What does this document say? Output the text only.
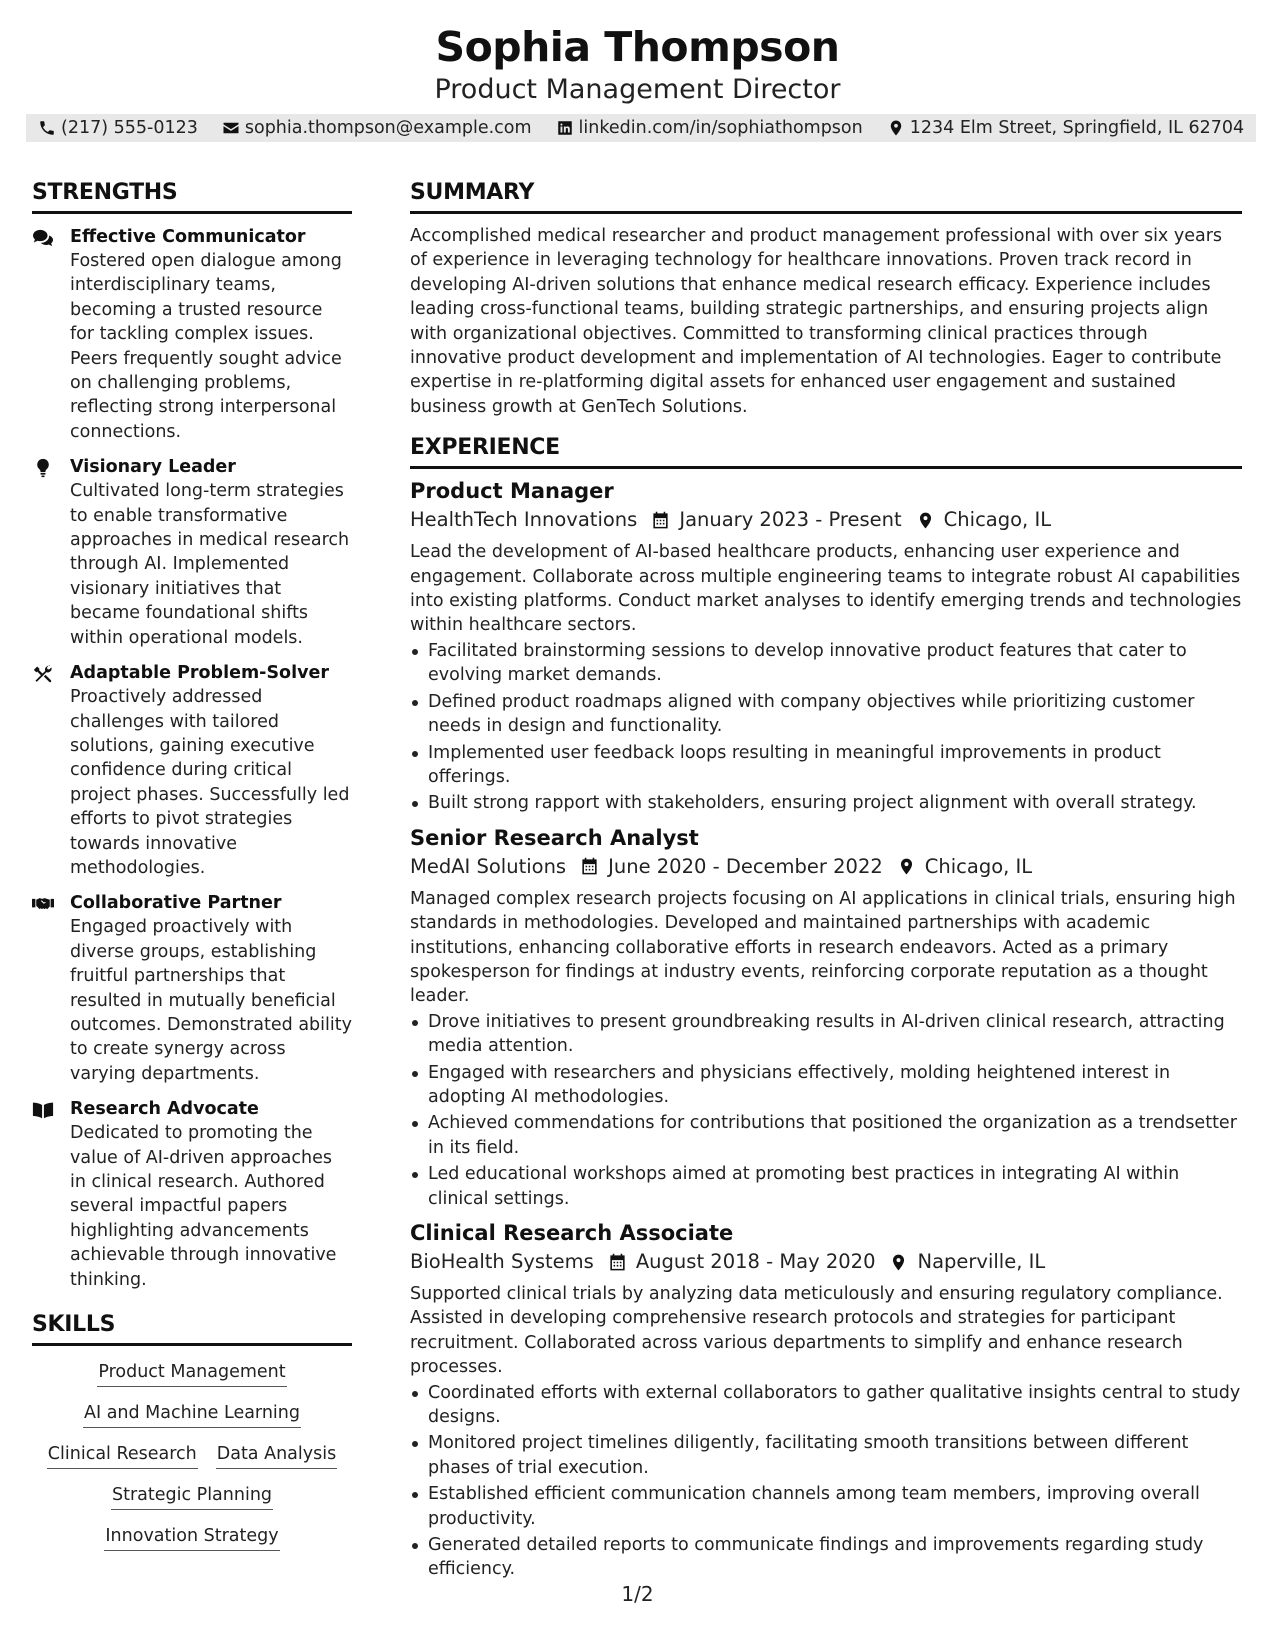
Sophia Thompson
Product Management Director
(217) 555-0123	sophia.thompson@example.com	linkedin.com/in/sophiathompson	1234 Elm Street, Springfield, IL 62704
STRENGTHS
Effective Communicator
Fostered open dialogue among interdisciplinary teams, becoming a trusted resource for tackling complex issues. Peers frequently sought advice on challenging problems, reflecting strong interpersonal connections.
Visionary Leader
Cultivated long-term strategies to enable transformative approaches in medical research through AI. Implemented visionary initiatives that became foundational shifts within operational models.
Adaptable Problem-Solver
Proactively addressed challenges with tailored solutions, gaining executive confidence during critical project phases. Successfully led efforts to pivot strategies towards innovative methodologies.
Collaborative Partner
Engaged proactively with diverse groups, establishing fruitful partnerships that resulted in mutually beneficial outcomes. Demonstrated ability to create synergy across varying departments.
Research Advocate
Dedicated to promoting the value of AI-driven approaches in clinical research. Authored several impactful papers highlighting advancements achievable through innovative thinking.
SKILLS
Product Management
AI and Machine Learning
Clinical Research Data Analysis
Strategic Planning
Innovation Strategy
SUMMARY
Accomplished medical researcher and product management professional with over six years of experience in leveraging technology for healthcare innovations. Proven track record in developing AI-driven solutions that enhance medical research efficacy. Experience includes leading cross-functional teams, building strategic partnerships, and ensuring projects align with organizational objectives. Committed to transforming clinical practices through innovative product development and implementation of AI technologies. Eager to contribute expertise in re-platforming digital assets for enhanced user engagement and sustained business growth at GenTech Solutions.
EXPERIENCE
Product Manager
HealthTech Innovations January 2023 - Present Chicago, IL
Lead the development of AI-based healthcare products, enhancing user experience and engagement. Collaborate across multiple engineering teams to integrate robust AI capabilities into existing platforms. Conduct market analyses to identify emerging trends and technologies within healthcare sectors.
Facilitated brainstorming sessions to develop innovative product features that cater to evolving market demands.
Defined product roadmaps aligned with company objectives while prioritizing customer needs in design and functionality.
Implemented user feedback loops resulting in meaningful improvements in product offerings.
Built strong rapport with stakeholders, ensuring project alignment with overall strategy.
Senior Research Analyst
MedAI Solutions June 2020 - December 2022 Chicago, IL
Managed complex research projects focusing on AI applications in clinical trials, ensuring high standards in methodologies. Developed and maintained partnerships with academic institutions, enhancing collaborative efforts in research endeavors. Acted as a primary spokesperson for findings at industry events, reinforcing corporate reputation as a thought leader.
Drove initiatives to present groundbreaking results in AI-driven clinical research, attracting media attention.
Engaged with researchers and physicians effectively, molding heightened interest in adopting AI methodologies.
Achieved commendations for contributions that positioned the organization as a trendsetter in its field.
Led educational workshops aimed at promoting best practices in integrating AI within clinical settings.
Clinical Research Associate
BioHealth Systems August 2018 - May 2020 Naperville, IL
Supported clinical trials by analyzing data meticulously and ensuring regulatory compliance. Assisted in developing comprehensive research protocols and strategies for participant recruitment. Collaborated across various departments to simplify and enhance research processes.
Coordinated efforts with external collaborators to gather qualitative insights central to study designs.
Monitored project timelines diligently, facilitating smooth transitions between different phases of trial execution.
Established efficient communication channels among team members, improving overall productivity.
Generated detailed reports to communicate findings and improvements regarding study efficiency.
1/2
